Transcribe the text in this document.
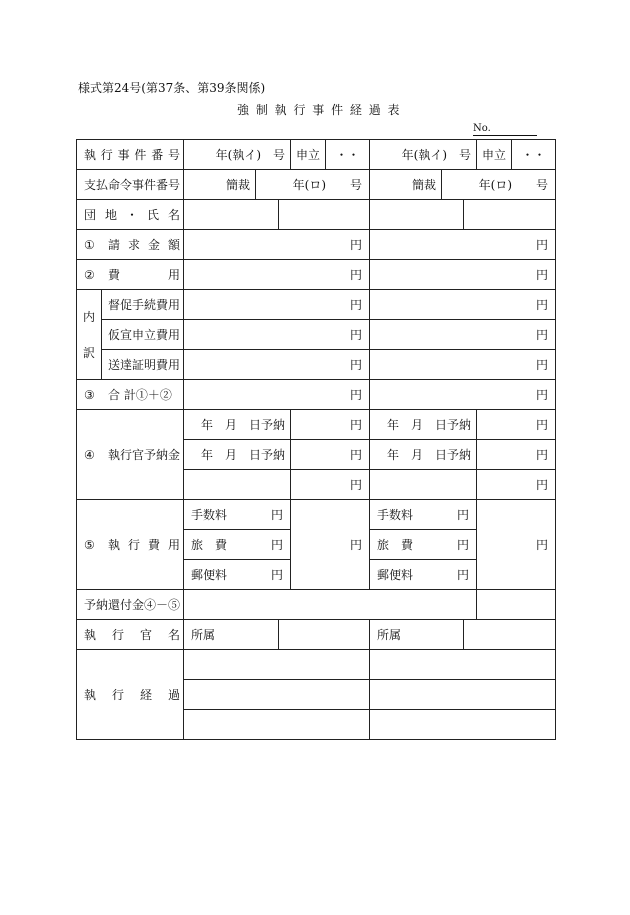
様式第24号(第37条、第39条関係)
強 制 執 行 事 件 経 過 表
No.
執 行 事 件 番 号		年(執イ)　号			申立	・・	年(執イ)　号			申立	・・

支払命令事件番号		簡裁	年(ロ)　　号				簡裁	年(ロ)　　号			

団 地 ・ 氏 名											

① 請 求 金 額		円					円				

② 費 用		円					円				

内
訳	督促手続費用	円					円				
	仮宣申立費用	円					円				
	送達証明費用	円					円				

③ 合 計①＋②		円					円				

④ 執行官予納金		年　月　日予納			円		年　月　日予納			円	
		年　月　日予納			円		年　月　日予納			円	
					円					円	

⑤ 執 行 費 用		手数料 円			円		手数料 円			円	

		旅　費 円					旅　費 円				

		郵便料 円					郵便料 円				

予納還付金④－⑤											

執 行 官 名		所属					所属				

執 行 経 過											
